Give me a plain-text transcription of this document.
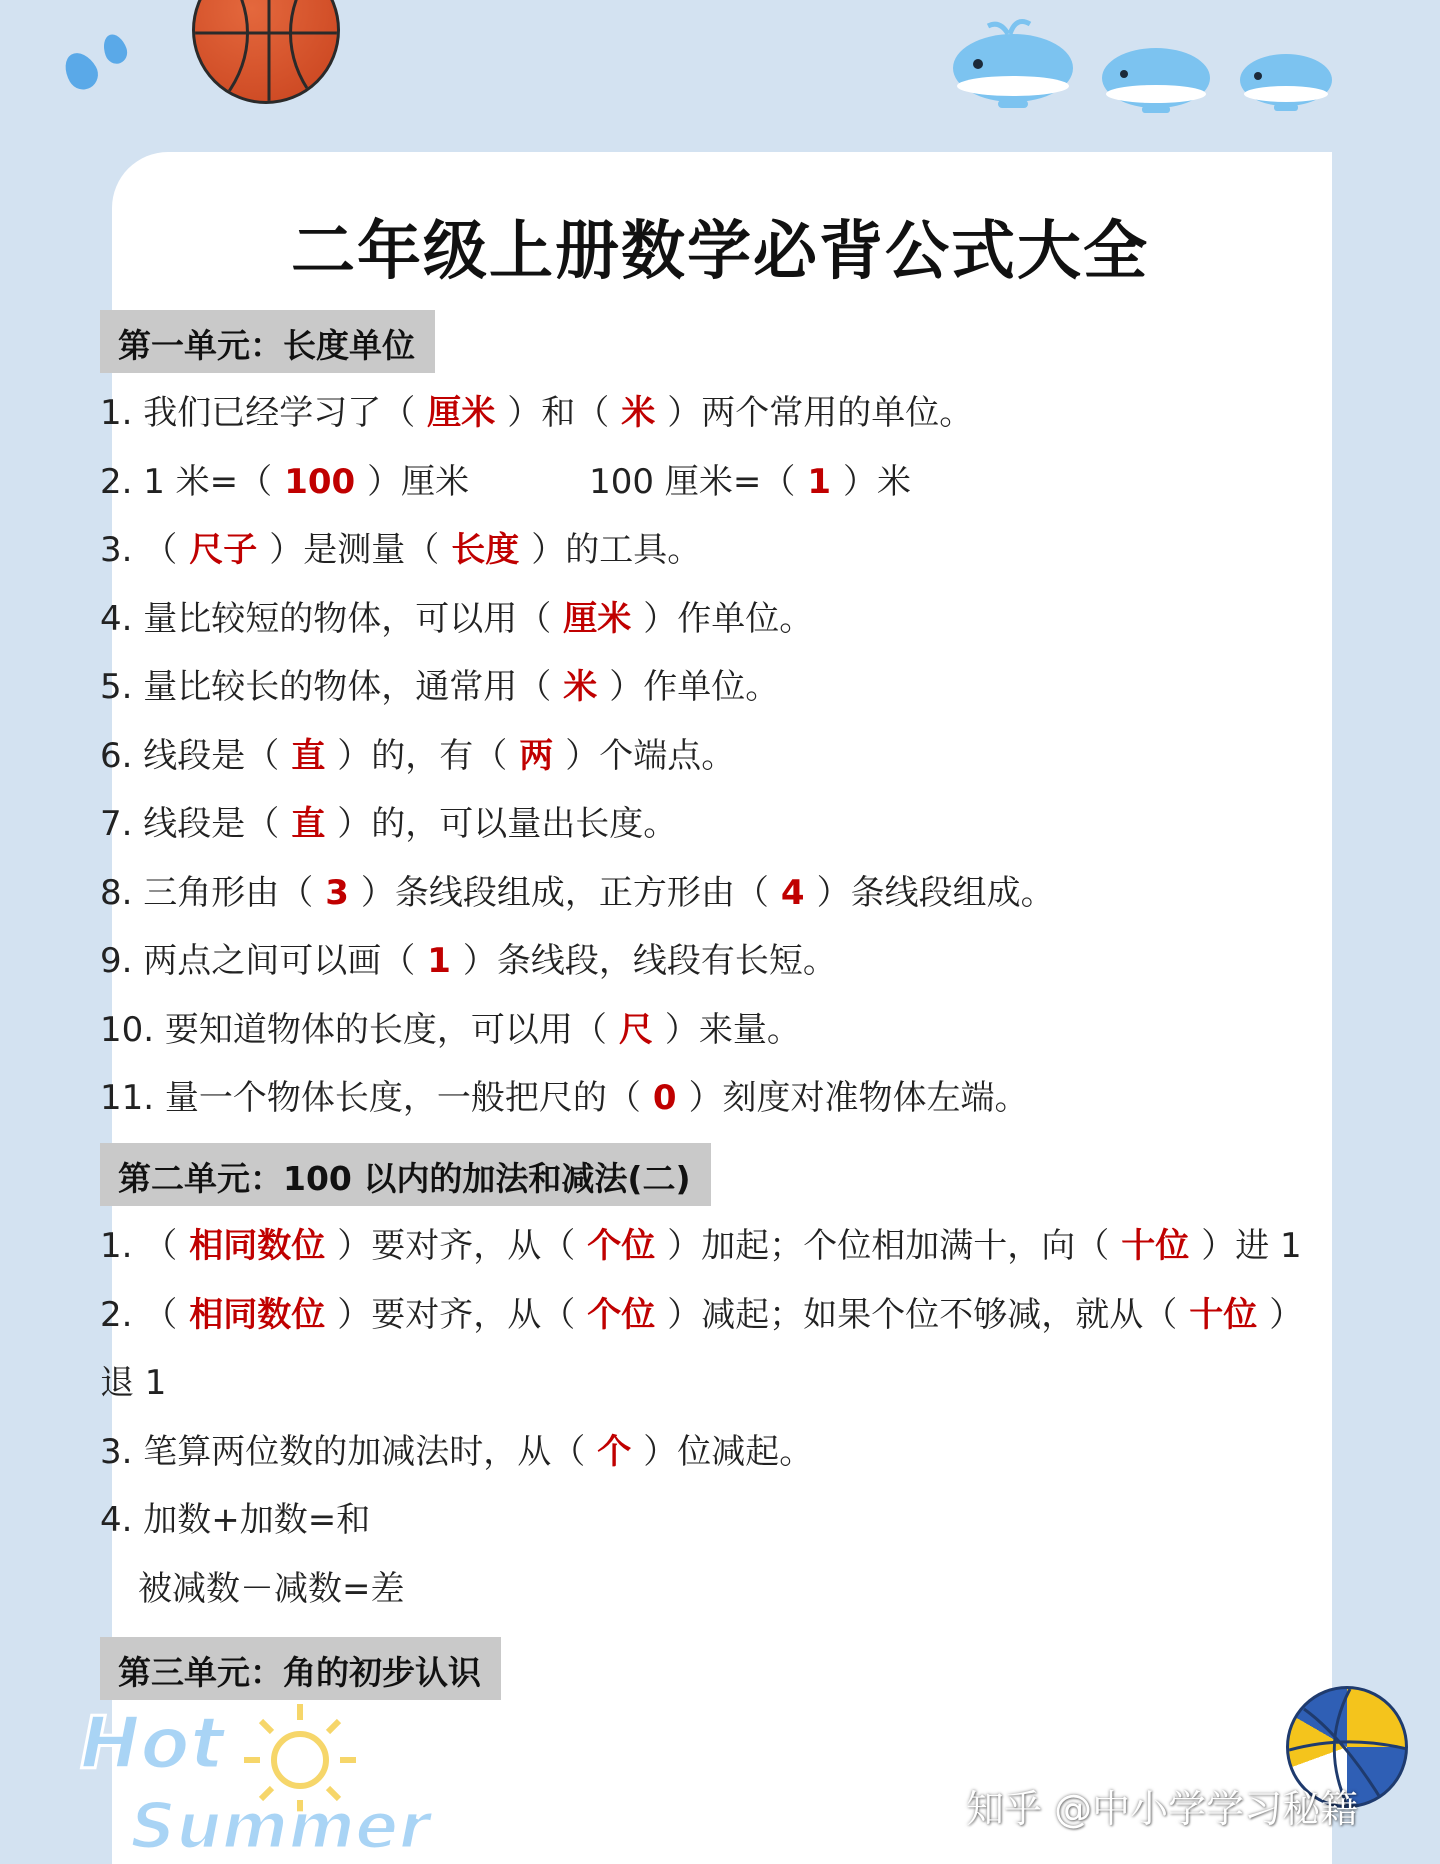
二年级上册数学必背公式大全
第一单元：长度单位
1. 我们已经学习了（ 厘米 ）和（ 米 ）两个常用的单位。
2. 1 米=（ 100 ）厘米	100 厘米=（ 1 ）米
3. （ 尺子 ）是测量（ 长度 ）的工具。
4. 量比较短的物体，可以用（ 厘米 ）作单位。
5. 量比较长的物体，通常用（ 米 ）作单位。
6. 线段是（ 直 ）的，有（ 两 ）个端点。
7. 线段是（ 直 ）的，可以量出长度。
8. 三角形由（ 3 ）条线段组成，正方形由（ 4 ）条线段组成。
9. 两点之间可以画（ 1 ）条线段，线段有长短。
10. 要知道物体的长度，可以用（ 尺 ）来量。
11. 量一个物体长度，一般把尺的（ 0 ）刻度对准物体左端。
第二单元：100 以内的加法和减法(二)
1. （ 相同数位 ）要对齐，从（ 个位 ）加起；个位相加满十，向（ 十位 ）进 1
2. （ 相同数位 ）要对齐，从（ 个位 ）减起；如果个位不够减，就从（ 十位 ）
退 1
3. 笔算两位数的加减法时，从（ 个 ）位减起。
4. 加数+加数=和
被减数－减数=差
第三单元：角的初步认识
Hot
Summer	知乎 @中小学学习秘籍
